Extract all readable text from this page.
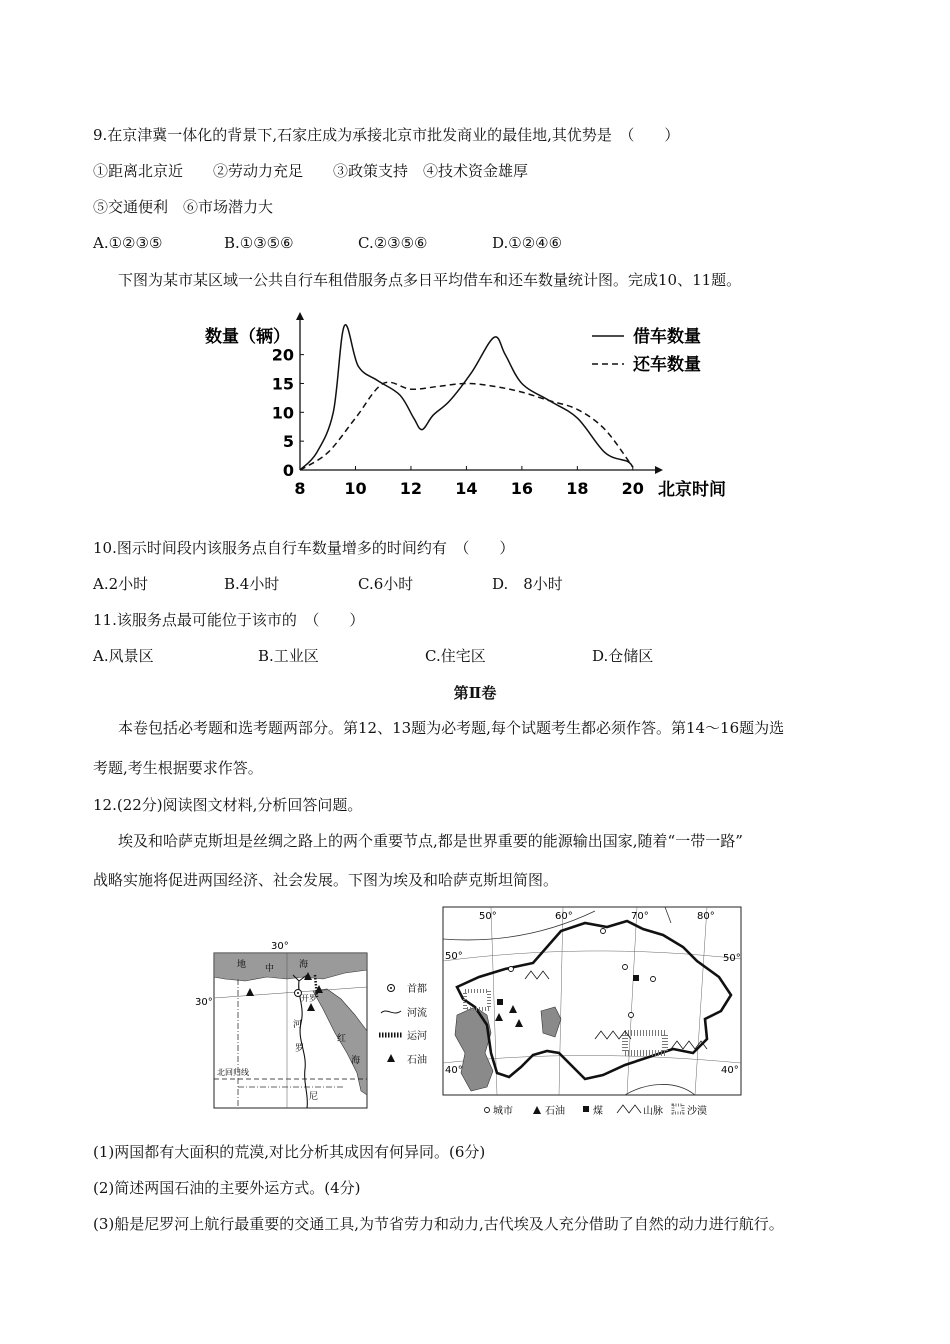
9.在京津冀一体化的背景下,石家庄成为承接北京市批发商业的最佳地,其优势是　（　　）
①距离北京近　　②劳动力充足　　③政策支持　④技术资金雄厚
⑤交通便利　⑥市场潜力大
A.①②③⑤	B.①③⑤⑥	C.②③⑤⑥	D.①②④⑥
下图为某市某区域一公共自行车租借服务点多日平均借车和还车数量统计图。完成10、11题。
8 10 12 14 16 18 20
0
5
10
15
20
数量（辆）
北京时间
借车数量
还车数量
10.图示时间段内该服务点自行车数量增多的时间约有　（　　）
A.2小时	B.4小时	C.6小时	D.　8小时
11.该服务点最可能位于该市的　（　　）
A.风景区	B.工业区	C.住宅区	D.仓储区
第Ⅱ卷
本卷包括必考题和选考题两部分。第12、13题为必考题,每个试题考生都必须作答。第14～16题为选
考题,考生根据要求作答。
12.(22分)阅读图文材料,分析回答问题。
埃及和哈萨克斯坦是丝绸之路上的两个重要节点,都是世界重要的能源输出国家,随着“一带一路”
战略实施将促进两国经济、社会发展。下图为埃及和哈萨克斯坦简图。
30°
30°
地 中	海
开罗
河
罗
尼
红
海
北回归线
首都
河流
运河
石油
50°	60°	70°	80°
50°	50°
40°	40°
城市	石油	煤	山脉 沙漠
(1)两国都有大面积的荒漠,对比分析其成因有何异同。(6分)
(2)简述两国石油的主要外运方式。(4分)
(3)船是尼罗河上航行最重要的交通工具,为节省劳力和动力,古代埃及人充分借助了自然的动力进行航行。
